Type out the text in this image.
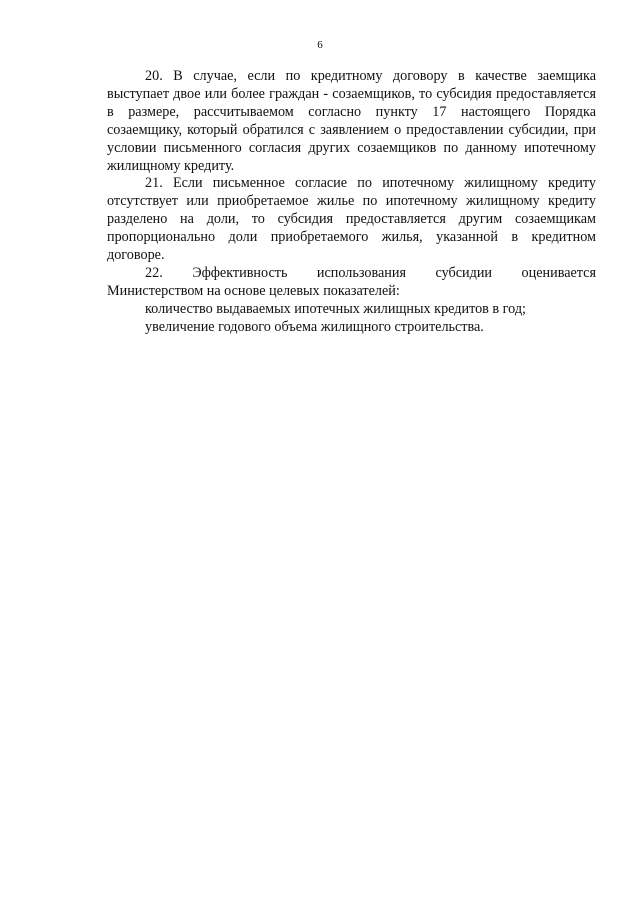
6

20. В случае, если по кредитному договору в качестве заемщика выступает двое или более граждан - созаемщиков, то субсидия предоставляется в размере, рассчитываемом согласно пункту 17 настоящего Порядка созаемщику, который обратился с заявлением о предоставлении субсидии, при условии письменного согласия других созаемщиков по данному ипотечному жилищному кредиту.

21. Если письменное согласие по ипотечному жилищному кредиту отсутствует или приобретаемое жилье по ипотечному жилищному кредиту разделено на доли, то субсидия предоставляется другим созаемщикам пропорционально доли приобретаемого жилья, указанной в кредитном договоре.

22. Эффективность использования субсидии оценивается

Министерством на основе целевых показателей:

количество выдаваемых ипотечных жилищных кредитов в год;

увеличение годового объема жилищного строительства.
